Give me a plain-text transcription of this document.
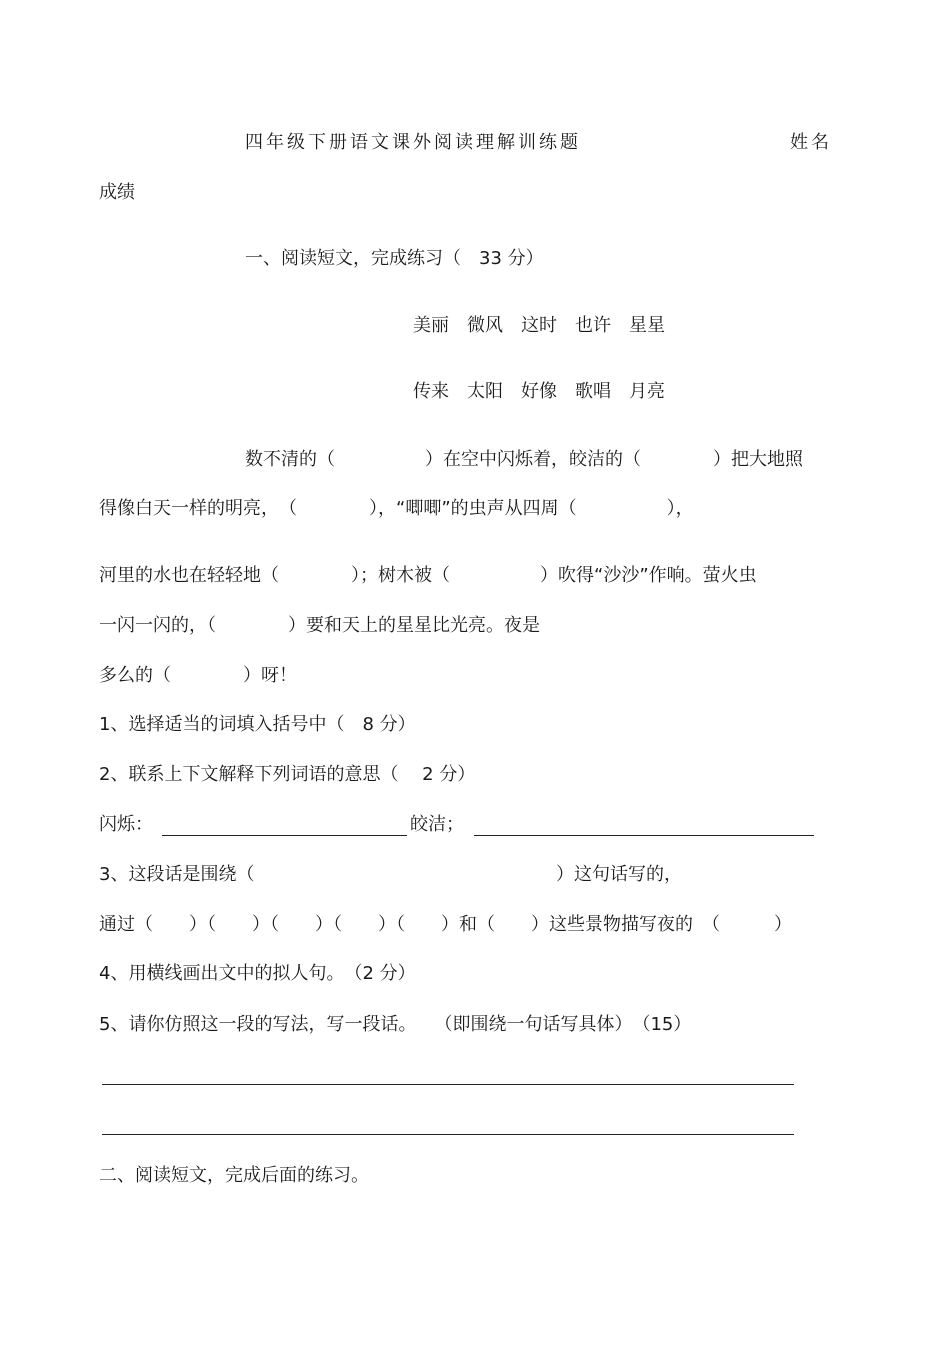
四年级下册语文课外阅读理解训练题	姓名
成绩
一、阅读短文，完成练习（　33 分）
美丽　微风　这时　也许　星星
传来　太阳　好像　歌唱　月亮
数不清的（　　　　　）在空中闪烁着，皎洁的（　　　　）把大地照
得像白天一样的明亮，　（　　　　），“唧唧”的虫声从四周（　　　　　），
河里的水也在轻轻地（　　　　）；树木被（　　　　　）吹得“沙沙”作响。萤火虫
一闪一闪的，（　　　　）要和天上的星星比光亮。夜是
多么的（　　　　）呀！
1、选择适当的词填入括号中（　8 分）
2、联系上下文解释下列词语的意思（　 2 分）
闪烁：	皎洁；
3、这段话是围绕（	）这句话写的，
通过（　　）（　　）（　　）（　　）（　　）和（　　）这些景物描写夜的　（　　　）
4、用横线画出文中的拟人句。　（2 分）
5、请你仿照这一段的写法，写一段话。　　（即围绕一句话写具体）　（15）
二、阅读短文，完成后面的练习。
